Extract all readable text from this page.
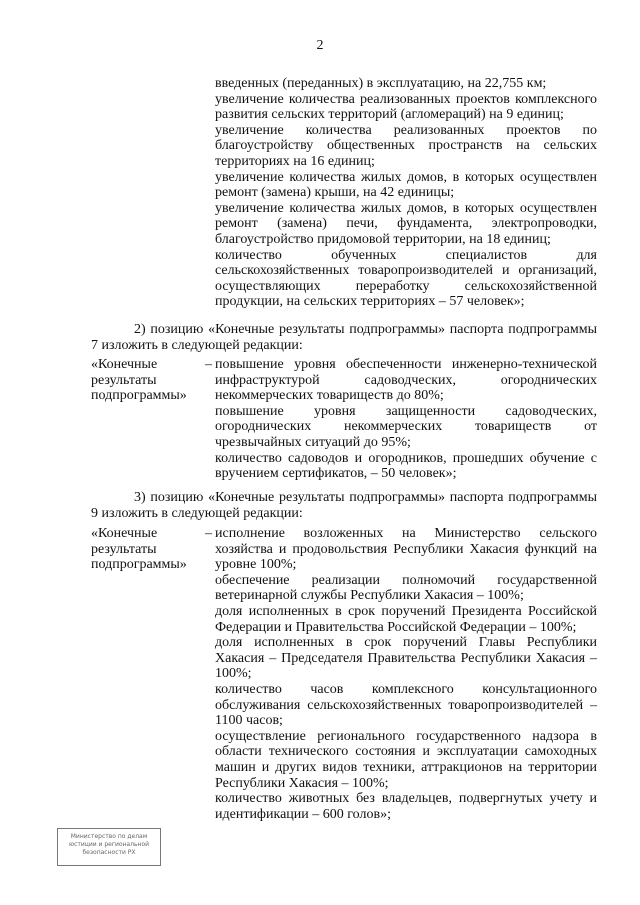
2

введенных (переданных) в эксплуатацию, на 22,755 км;

увеличение количества реализованных проектов комплексного развития сельских территорий (агломераций) на 9 единиц;

увеличение количества реализованных проектов по благоустройству общественных пространств на сельских территориях на 16 единиц;

увеличение количества жилых домов, в которых осуществлен ремонт (замена) крыши, на 42 единицы;

увеличение количества жилых домов, в которых осуществлен ремонт (замена) печи, фундамента, электропроводки, благоустройство придомовой территории, на 18 единиц;

количество обученных специалистов для сельскохозяйственных товаропроизводителей и организаций, осуществляющих переработку сельскохозяйственной продукции, на сельских территориях – 57 человек»;

2) позицию «Конечные результаты подпрограммы» паспорта подпрограммы 7 изложить в следующей редакции:

«Конечные результаты подпрограммы»
– повышение уровня обеспеченности инженерно-технической инфраструктурой садоводческих, огороднических некоммерческих товариществ до 80%;

повышение уровня защищенности садоводческих, огороднических некоммерческих товариществ от чрезвычайных ситуаций до 95%;

количество садоводов и огородников, прошедших обучение с вручением сертификатов, – 50 человек»;

3) позицию «Конечные результаты подпрограммы» паспорта подпрограммы 9 изложить в следующей редакции:

«Конечные результаты подпрограммы»
– исполнение возложенных на Министерство сельского хозяйства и продовольствия Республики Хакасия функций на уровне 100%;

обеспечение реализации полномочий государственной ветеринарной службы Республики Хакасия – 100%;

доля исполненных в срок поручений Президента Российской Федерации и Правительства Российской Федерации – 100%;

доля исполненных в срок поручений Главы Республики Хакасия – Председателя Правительства Республики Хакасия – 100%;

количество часов комплексного консультационного обслуживания сельскохозяйственных товаропроизводителей – 1100 часов;

осуществление регионального государственного надзора в области технического состояния и эксплуатации самоходных машин и других видов техники, аттракционов на территории Республики Хакасия – 100%;

количество животных без владельцев, подвергнутых учету и идентификации – 600 голов»;

Министерство по делам
юстиции и региональной
безопасности РХ
